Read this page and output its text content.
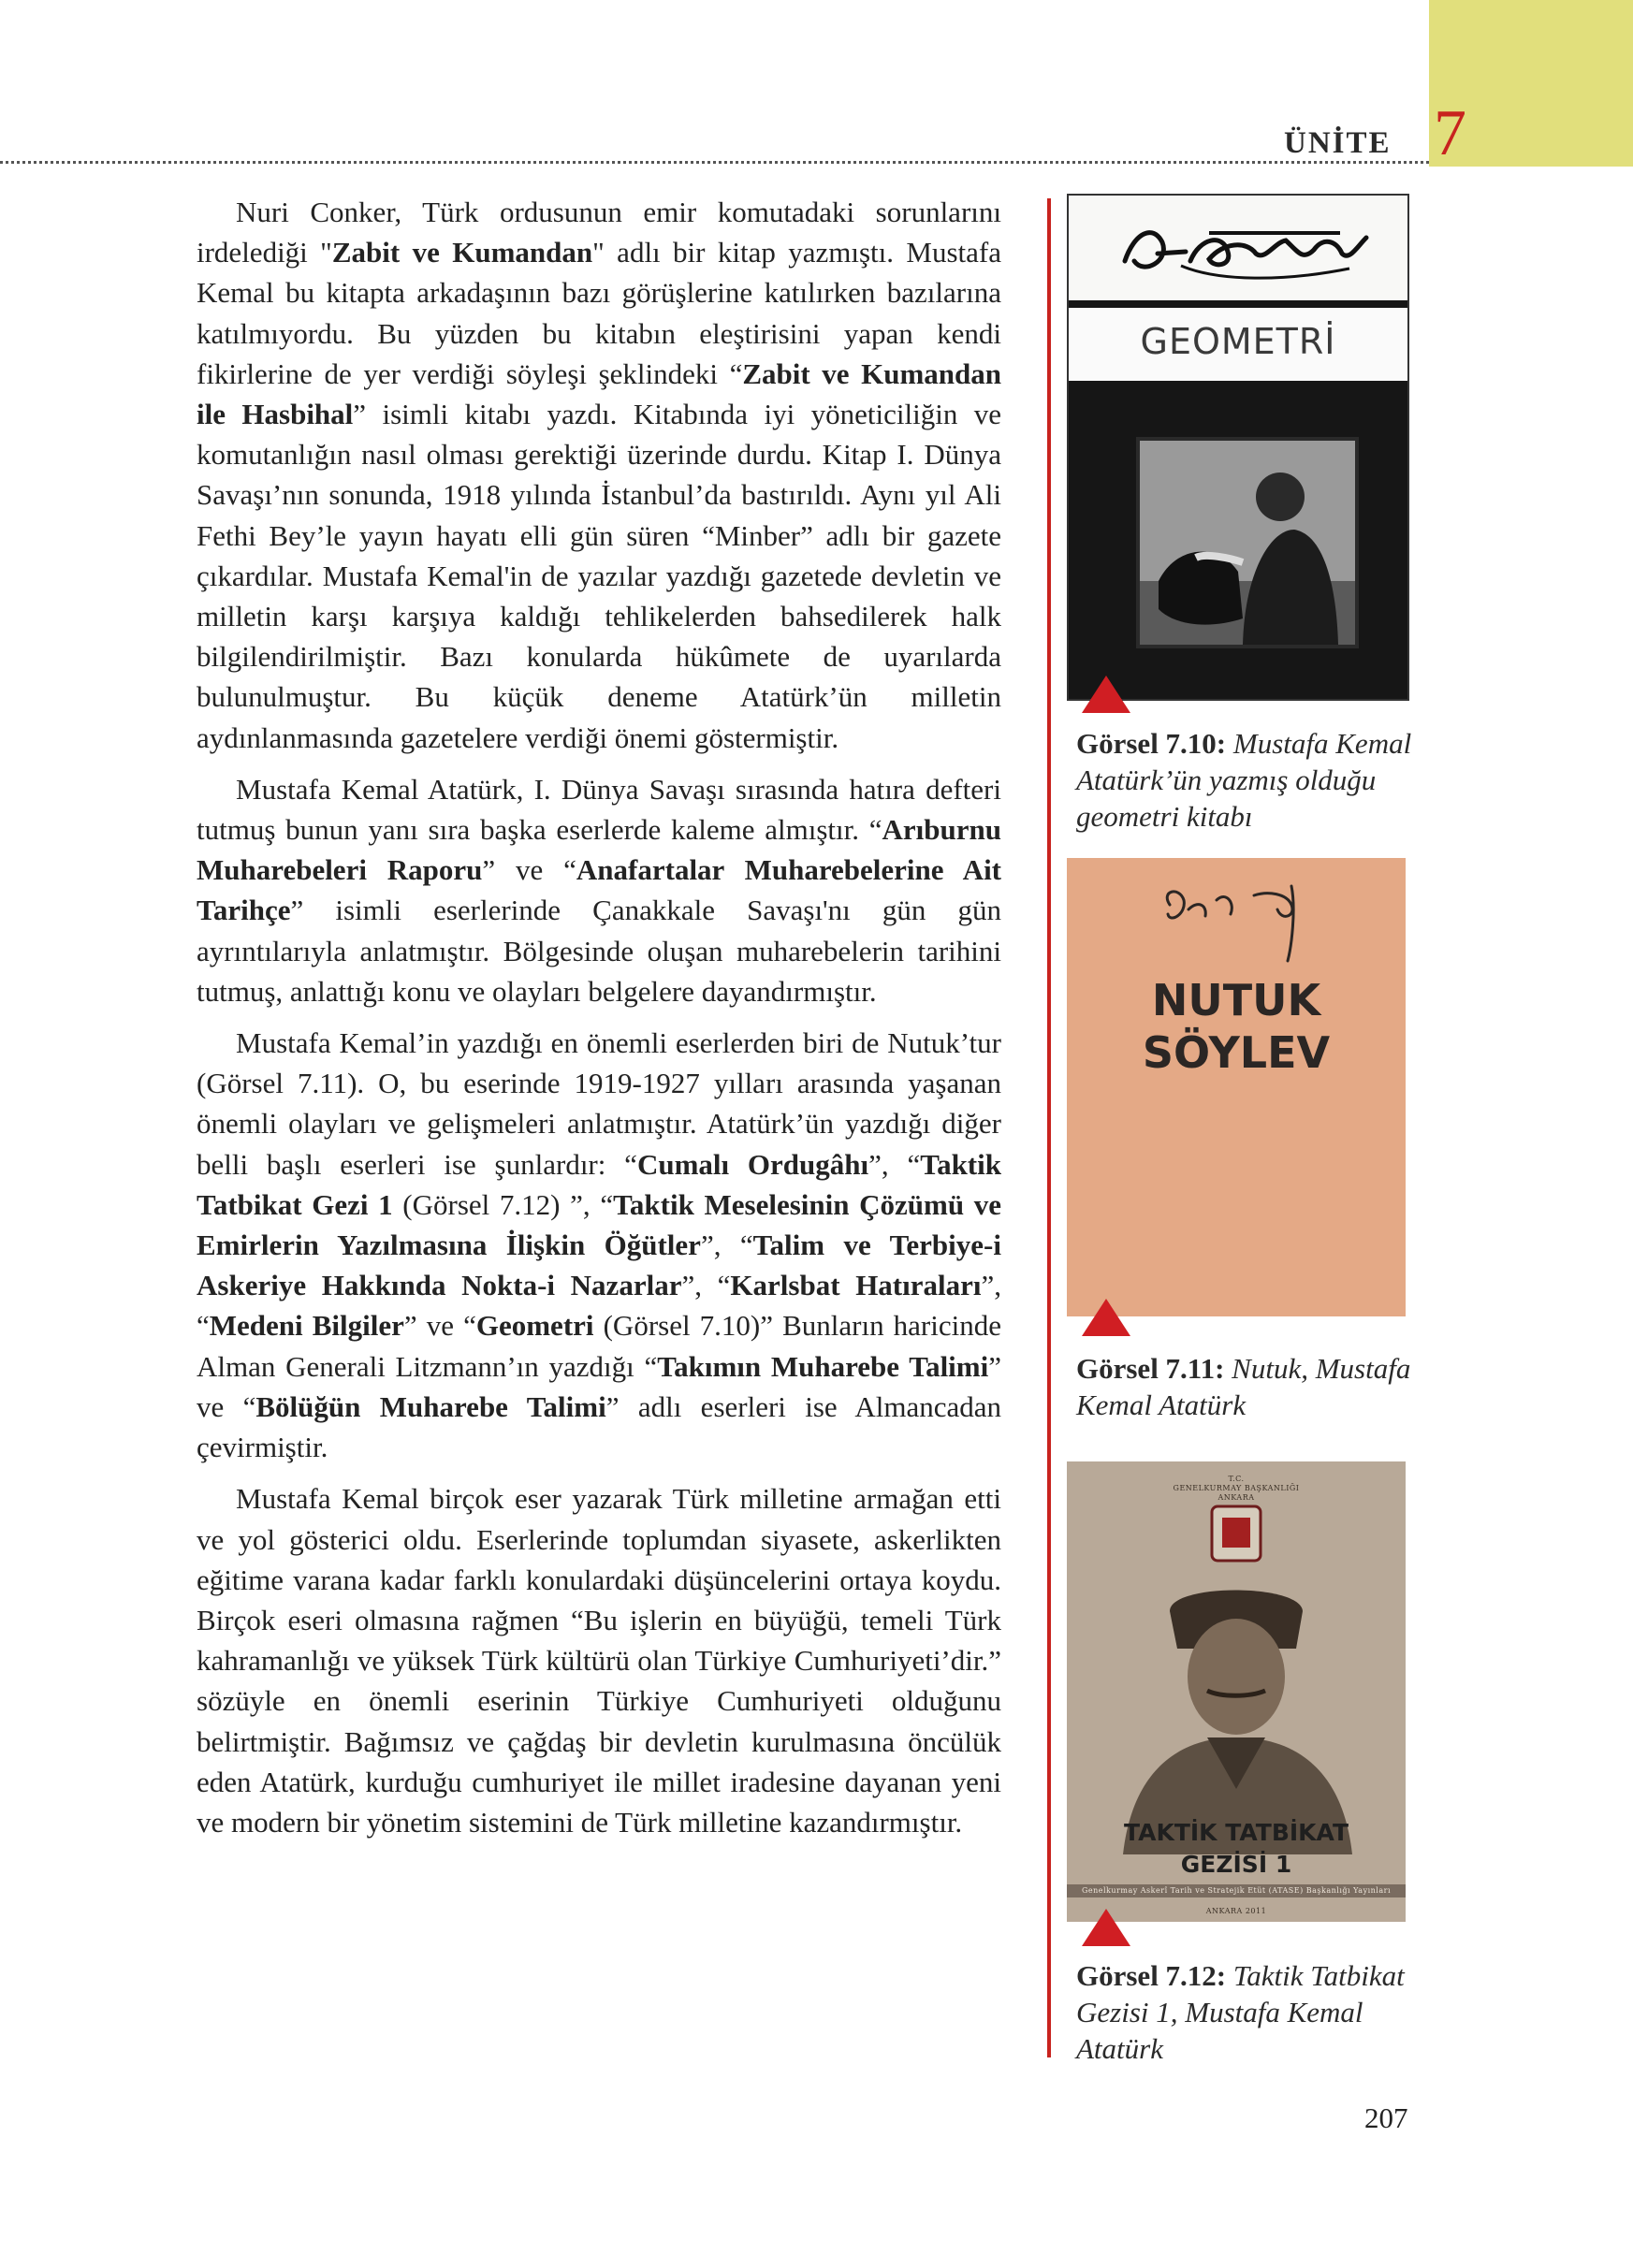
ÜNİTE 7

Nuri Conker, Türk ordusunun emir komutadaki sorunlarını irdelediği "Zabit ve Kumandan" adlı bir kitap yazmıştı. Mustafa Kemal bu kitapta arkadaşının bazı görüşlerine katılırken bazılarına katılmıyordu. Bu yüzden bu kitabın eleştirisini yapan kendi fikirlerine de yer verdiği söyleşi şeklindeki “Zabit ve Kumandan ile Hasbihal” isimli kitabı yazdı. Kitabında iyi yöneticiliğin ve komutanlığın nasıl olması gerektiği üzerinde durdu. Kitap I. Dünya Savaşı’nın sonunda, 1918 yılında İstanbul’da bastırıldı. Aynı yıl Ali Fethi Bey’le yayın hayatı elli gün süren “Minber” adlı bir gazete çıkardılar. Mustafa Kemal'in de yazılar yazdığı gazetede devletin ve milletin karşı karşıya kaldığı tehlikelerden bahsedilerek halk bilgilendirilmiştir. Bazı konularda hükûmete de uyarılarda bulunulmuştur. Bu küçük deneme Atatürk’ün milletin aydınlanmasında gazetelere verdiği önemi göstermiştir.

Mustafa Kemal Atatürk, I. Dünya Savaşı sırasında hatıra defteri tutmuş bunun yanı sıra başka eserlerde kaleme almıştır. “Arıburnu Muharebeleri Raporu” ve “Anafartalar Muharebelerine Ait Tarihçe” isimli eserlerinde Çanakkale Savaşı'nı gün gün ayrıntılarıyla anlatmıştır. Bölgesinde oluşan muharebelerin tarihini tutmuş, anlattığı konu ve olayları belgelere dayandırmıştır.

Mustafa Kemal’in yazdığı en önemli eserlerden biri de Nutuk’tur (Görsel 7.11). O, bu eserinde 1919-1927 yılları arasında yaşanan önemli olayları ve gelişmeleri anlatmıştır. Atatürk’ün yazdığı diğer belli başlı eserleri ise şunlardır: “Cumalı Ordugâhı”, “Taktik Tatbikat Gezi 1 (Görsel 7.12) ”, “Taktik Meselesinin Çözümü ve Emirlerin Yazılmasına İlişkin Öğütler”, “Talim ve Terbiye-i Askeriye Hakkında Nokta-i Nazarlar”, “Karlsbat Hatıraları”, “Medeni Bilgiler” ve “Geometri (Görsel 7.10)” Bunların haricinde Alman Generali Litzmann’ın yazdığı “Takımın Muharebe Talimi” ve “Bölüğün Muharebe Talimi” adlı eserleri ise Almancadan çevirmiştir.

Mustafa Kemal birçok eser yazarak Türk milletine armağan etti ve yol gösterici oldu. Eserlerinde toplumdan siyasete, askerlikten eğitime varana kadar farklı konulardaki düşüncelerini ortaya koydu. Birçok eseri olmasına rağmen “Bu işlerin en büyüğü, temeli Türk kahramanlığı ve yüksek Türk kültürü olan Türkiye Cumhuriyeti’dir.” sözüyle en önemli eserinin Türkiye Cumhuriyeti olduğunu belirtmiştir. Bağımsız ve çağdaş bir devletin kurulmasına öncülük eden Atatürk, kurduğu cumhuriyet ile millet iradesine dayanan yeni ve modern bir yönetim sistemini de Türk milletine kazandırmıştır.

GEOMETRİ
Görsel 7.10: Mustafa Kemal Atatürk’ün yazmış olduğu geometri kitabı
NUTUK
SÖYLEV
Görsel 7.11: Nutuk, Mustafa Kemal Atatürk
T.C.
GENELKURMAY BAŞKANLIĞI
ANKARA
TAKTİK TATBİKAT
GEZİSİ 1
Genelkurmay Askerî Tarih ve Stratejik Etüt (ATASE) Başkanlığı Yayınları
ANKARA 2011
Görsel 7.12: Taktik Tatbikat Gezisi 1, Mustafa Kemal Atatürk
207
